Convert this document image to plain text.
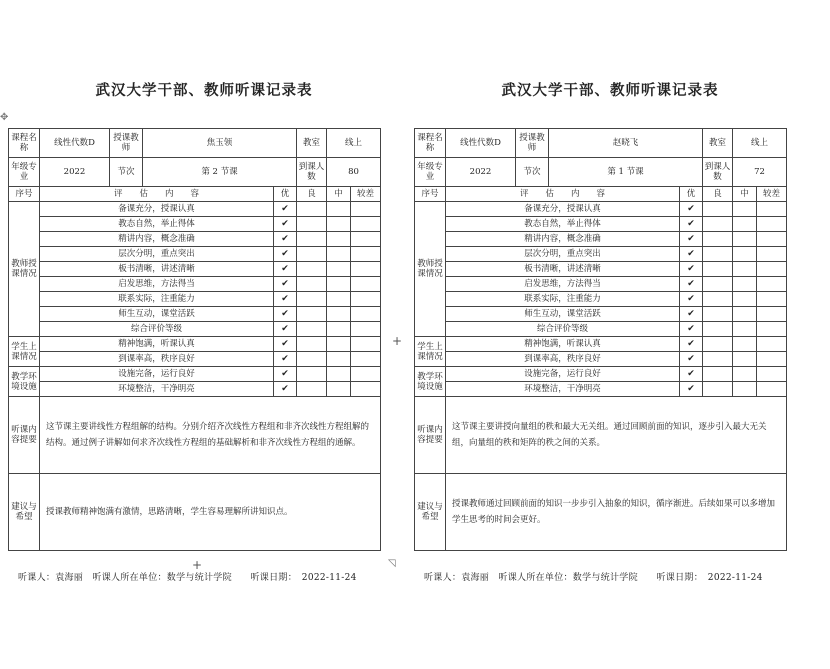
武汉大学干部、教师听课记录表
课程名称	线性代数D	授课教师	焦玉领		教室	线上	
年级专业	2022	节次	第 2 节课		到课人数	80	
序号	评　　估　　内　　容			优	良	中	较差
教师授课情况	备课充分，授课认真			✔			
	教态自然，举止得体			✔			
	精讲内容，概念准确			✔			
	层次分明，重点突出			✔			
	板书清晰，讲述清晰			✔			
	启发思维，方法得当			✔			
	联系实际，注重能力			✔			
	师生互动，课堂活跃			✔			
	综合评价等级			✔			
学生上课情况	精神饱满，听课认真			✔			
	到课率高，秩序良好			✔			
教学环境设施	设施完备，运行良好			✔			
	环境整洁，干净明亮			✔			
听课内容提要	这节课主要讲线性方程组解的结构。分别介绍齐次线性方程组和非齐次线性方程组解的结构。通过例子讲解如何求齐次线性方程组的基础解析和非齐次线性方程组的通解。						
建议与希望	授课教师精神饱满有激情，思路清晰，学生容易理解所讲知识点。						
听课人：袁海丽　听课人所在单位：数学与统计学院　　听课日期：　2022-11-24
武汉大学干部、教师听课记录表
课程名称	线性代数D	授课教师	赵晓飞		教室	线上	
年级专业	2022	节次	第 1 节课		到课人数	72	
序号	评　　估　　内　　容			优	良	中	较差
教师授课情况	备课充分，授课认真			✔			
	教态自然，举止得体			✔			
	精讲内容，概念准确			✔			
	层次分明，重点突出			✔			
	板书清晰，讲述清晰			✔			
	启发思维，方法得当			✔			
	联系实际，注重能力			✔			
	师生互动，课堂活跃			✔			
	综合评价等级			✔			
学生上课情况	精神饱满，听课认真			✔			
	到课率高，秩序良好			✔			
教学环境设施	设施完备，运行良好			✔			
	环境整洁，干净明亮			✔			
听课内容提要	这节课主要讲授向量组的秩和最大无关组。通过回顾前面的知识，逐步引入最大无关组，向量组的秩和矩阵的秩之间的关系。						
建议与希望	授课教师通过回顾前面的知识一步步引入抽象的知识，循序渐进。后续如果可以多增加学生思考的时间会更好。						
听课人：袁海丽　听课人所在单位：数学与统计学院　　听课日期：　2022-11-24
+
+
✥
◹
